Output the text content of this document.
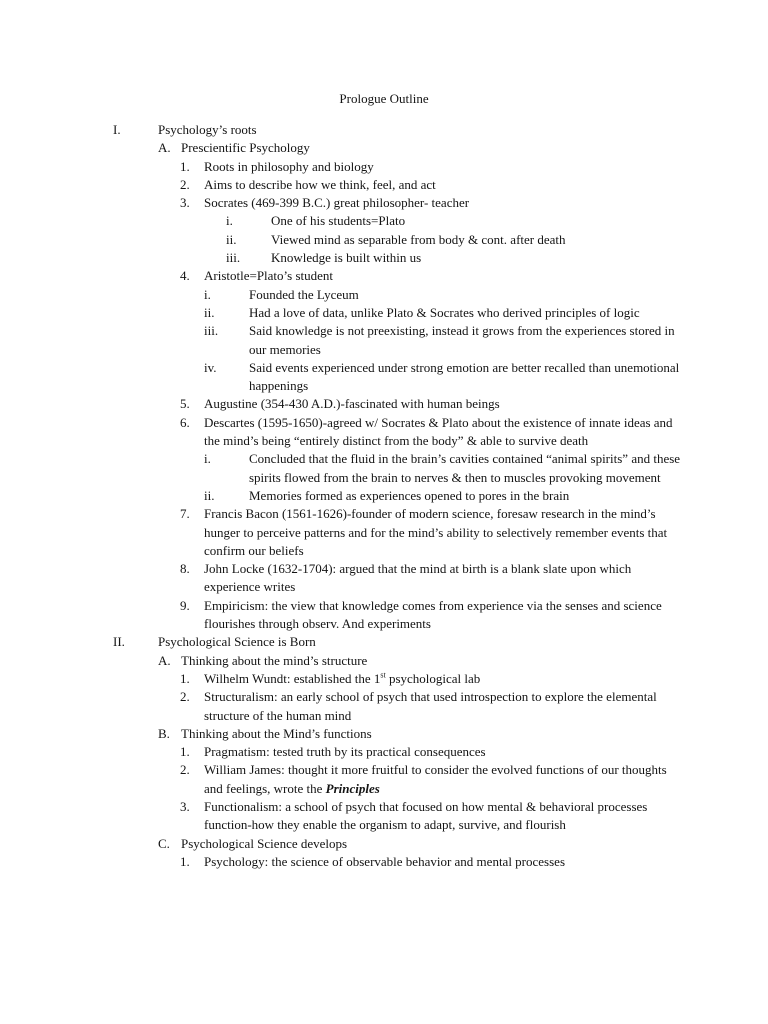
Prologue Outline
I.	Psychology’s roots
A. Prescientific Psychology
1. Roots in philosophy and biology
2. Aims to describe how we think, feel, and act
3. Socrates (469-399 B.C.) great philosopher- teacher
i.	One of his students=Plato
ii.	Viewed mind as separable from body & cont. after death
iii. Knowledge is built within us
4. Aristotle=Plato’s student
i.	Founded the Lyceum
ii.	Had a love of data, unlike Plato & Socrates who derived principles of logic
iii. Said knowledge is not preexisting, instead it grows from the experiences stored in our memories
iv. Said events experienced under strong emotion are better recalled than unemotional happenings
5. Augustine (354-430 A.D.)-fascinated with human beings
6. Descartes (1595-1650)-agreed w/ Socrates & Plato about the existence of innate ideas and the mind’s being “entirely distinct from the body” & able to survive death
i.	Concluded that the fluid in the brain’s cavities contained “animal spirits” and these spirits flowed from the brain to nerves & then to muscles provoking movement
ii.	Memories formed as experiences opened to pores in the brain
7. Francis Bacon (1561-1626)-founder of modern science, foresaw research in the mind’s hunger to perceive patterns and for the mind’s ability to selectively remember events that confirm our beliefs
8. John Locke (1632-1704): argued that the mind at birth is a blank slate upon which experience writes
9. Empiricism: the view that knowledge comes from experience via the senses and science flourishes through observ. And experiments
II.	Psychological Science is Born
A. Thinking about the mind’s structure
1. Wilhelm Wundt: established the 1st psychological lab
2. Structuralism: an early school of psych that used introspection to explore the elemental structure of the human mind
B. Thinking about the Mind’s functions
1. Pragmatism: tested truth by its practical consequences
2. William James: thought it more fruitful to consider the evolved functions of our thoughts and feelings, wrote the Principles
3. Functionalism: a school of psych that focused on how mental & behavioral processes function-how they enable the organism to adapt, survive, and flourish
C. Psychological Science develops
1. Psychology: the science of observable behavior and mental processes
